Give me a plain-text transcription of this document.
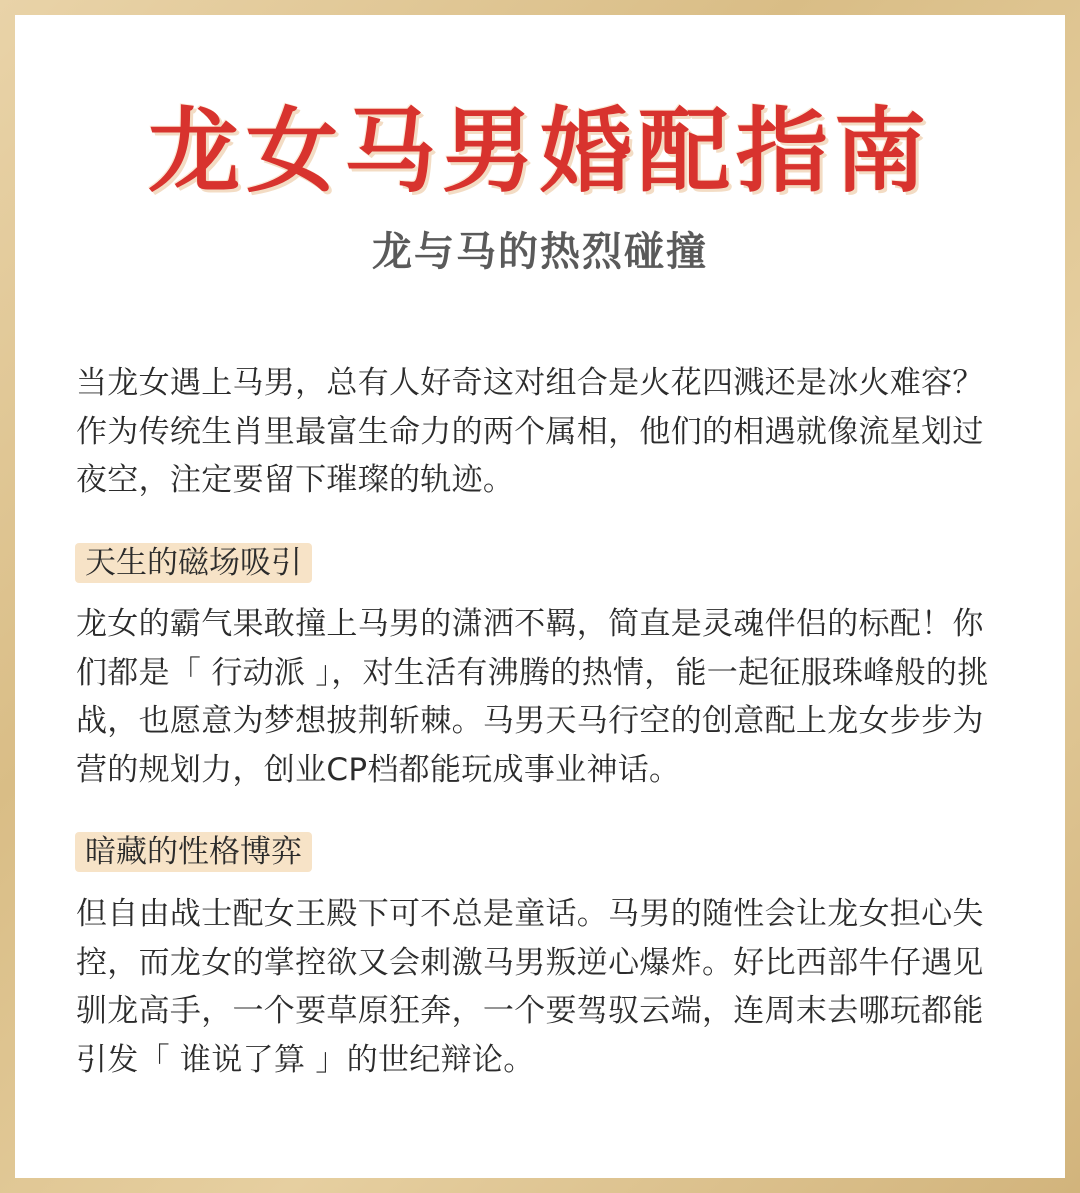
龙女马男婚配指南
龙与马的热烈碰撞

当龙女遇上马男，总有人好奇这对组合是火花四溅还是冰火难容？作为传统生肖里最富生命力的两个属相，他们的相遇就像流星划过夜空，注定要留下璀璨的轨迹。

天生的磁场吸引

龙女的霸气果敢撞上马男的潇洒不羁，简直是灵魂伴侣的标配！你们都是「 行动派 」，对生活有沸腾的热情，能一起征服珠峰般的挑战，也愿意为梦想披荆斩棘。马男天马行空的创意配上龙女步步为营的规划力，创业CP档都能玩成事业神话。

暗藏的性格博弈

但自由战士配女王殿下可不总是童话。马男的随性会让龙女担心失控，而龙女的掌控欲又会刺激马男叛逆心爆炸。好比西部牛仔遇见驯龙高手，一个要草原狂奔，一个要驾驭云端，连周末去哪玩都能引发「 谁说了算 」的世纪辩论。
